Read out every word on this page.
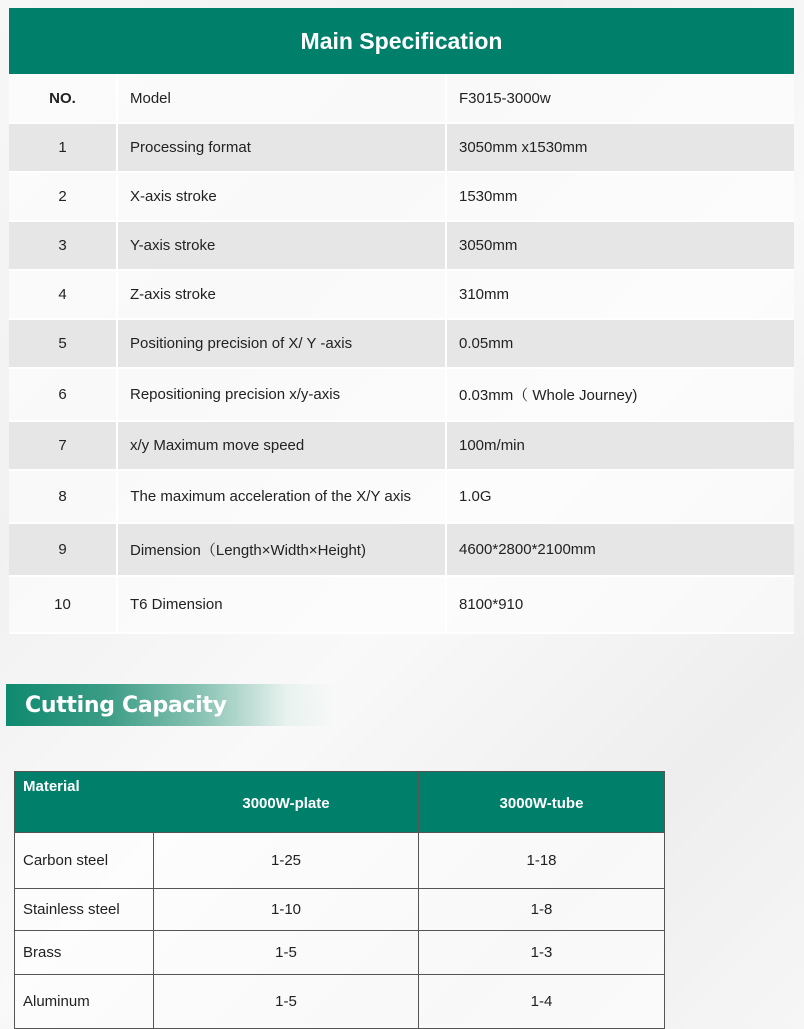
Main Specification
NO.	Model	F3015-3000w
1	Processing format	3050mm x1530mm
2	X-axis stroke	1530mm
3	Y-axis stroke	3050mm
4	Z-axis stroke	310mm
5	Positioning precision of X/ Y -axis	0.05mm
6	Repositioning precision x/y-axis	0.03mm（ Whole Journey)
7	x/y Maximum move speed	100m/min
8	The maximum acceleration of the X/Y axis	1.0G
9	Dimension（Length×Width×Height)	4600*2800*2100mm
10	T6 Dimension	8100*910
Cutting Capacity
Material	3000W-plate	3000W-tube
Carbon steel	1-25	1-18
Stainless steel	1-10	1-8
Brass	1-5	1-3
Aluminum	1-5	1-4
